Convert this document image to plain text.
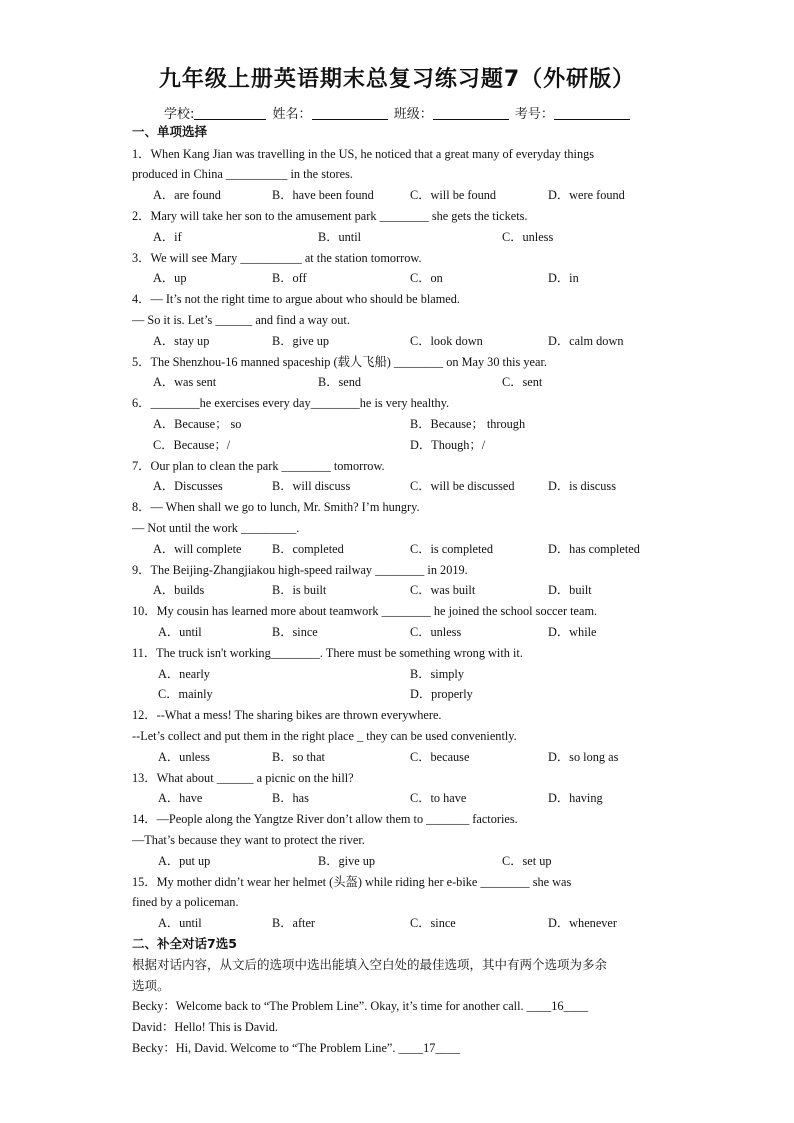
九年级上册英语期末总复习练习题7（外研版）
学校:	姓名：	班级：	考号：
一、单项选择
1．When Kang Jian was travelling in the US, he noticed that a great many of everyday things
produced in China __________ in the stores.
A．are found	B．have been found	C．will be found	D．were found
2．Mary will take her son to the amusement park ________ she gets the tickets.
A．if	B．until	C．unless
3．We will see Mary __________ at the station tomorrow.
A．up	B．off	C．on	D．in
4．— It’s not the right time to argue about who should be blamed.
— So it is. Let’s ______ and find a way out.
A．stay up	B．give up	C．look down	D．calm down
5．The Shenzhou-16 manned spaceship (载人飞船) ________ on May 30 this year.
A．was sent	B．send	C．sent
6．________he exercises every day________he is very healthy.
A．Because； so	B．Because； through
C．Because；/	D．Though；/
7．Our plan to clean the park ________ tomorrow.
A．Discusses	B．will discuss	C．will be discussed	D．is discuss
8．— When shall we go to lunch, Mr. Smith? I’m hungry.
— Not until the work _________.
A．will complete B．completed	C．is completed	D．has completed
9．The Beijing-Zhangjiakou high-speed railway ________ in 2019.
A．builds	B．is built	C．was built	D．built
10．My cousin has learned more about teamwork ________ he joined the school soccer team.
A．until	B．since	C．unless	D．while
11．The truck isn't working________. There must be something wrong with it.
A．nearly	B．simply
C．mainly	D．properly
12．--What a mess! The sharing bikes are thrown everywhere.
--Let’s collect and put them in the right place _ they can be used conveniently.
A．unless	B．so that	C．because	D．so long as
13．What about ______ a picnic on the hill?
A．have	B．has	C．to have	D．having
14．—People along the Yangtze River don’t allow them to _______ factories.
—That’s because they want to protect the river.
A．put up	B．give up	C．set up
15．My mother didn’t wear her helmet (头盔) while riding her e-bike ________ she was
fined by a policeman.
A．until	B．after	C．since	D．whenever
二、补全对话7选5
根据对话内容，从文后的选项中选出能填入空白处的最佳选项，其中有两个选项为多余
选项。
Becky：Welcome back to “The Problem Line”. Okay, it’s time for another call. ____16____
David：Hello! This is David.
Becky：Hi, David. Welcome to “The Problem Line”. ____17____
